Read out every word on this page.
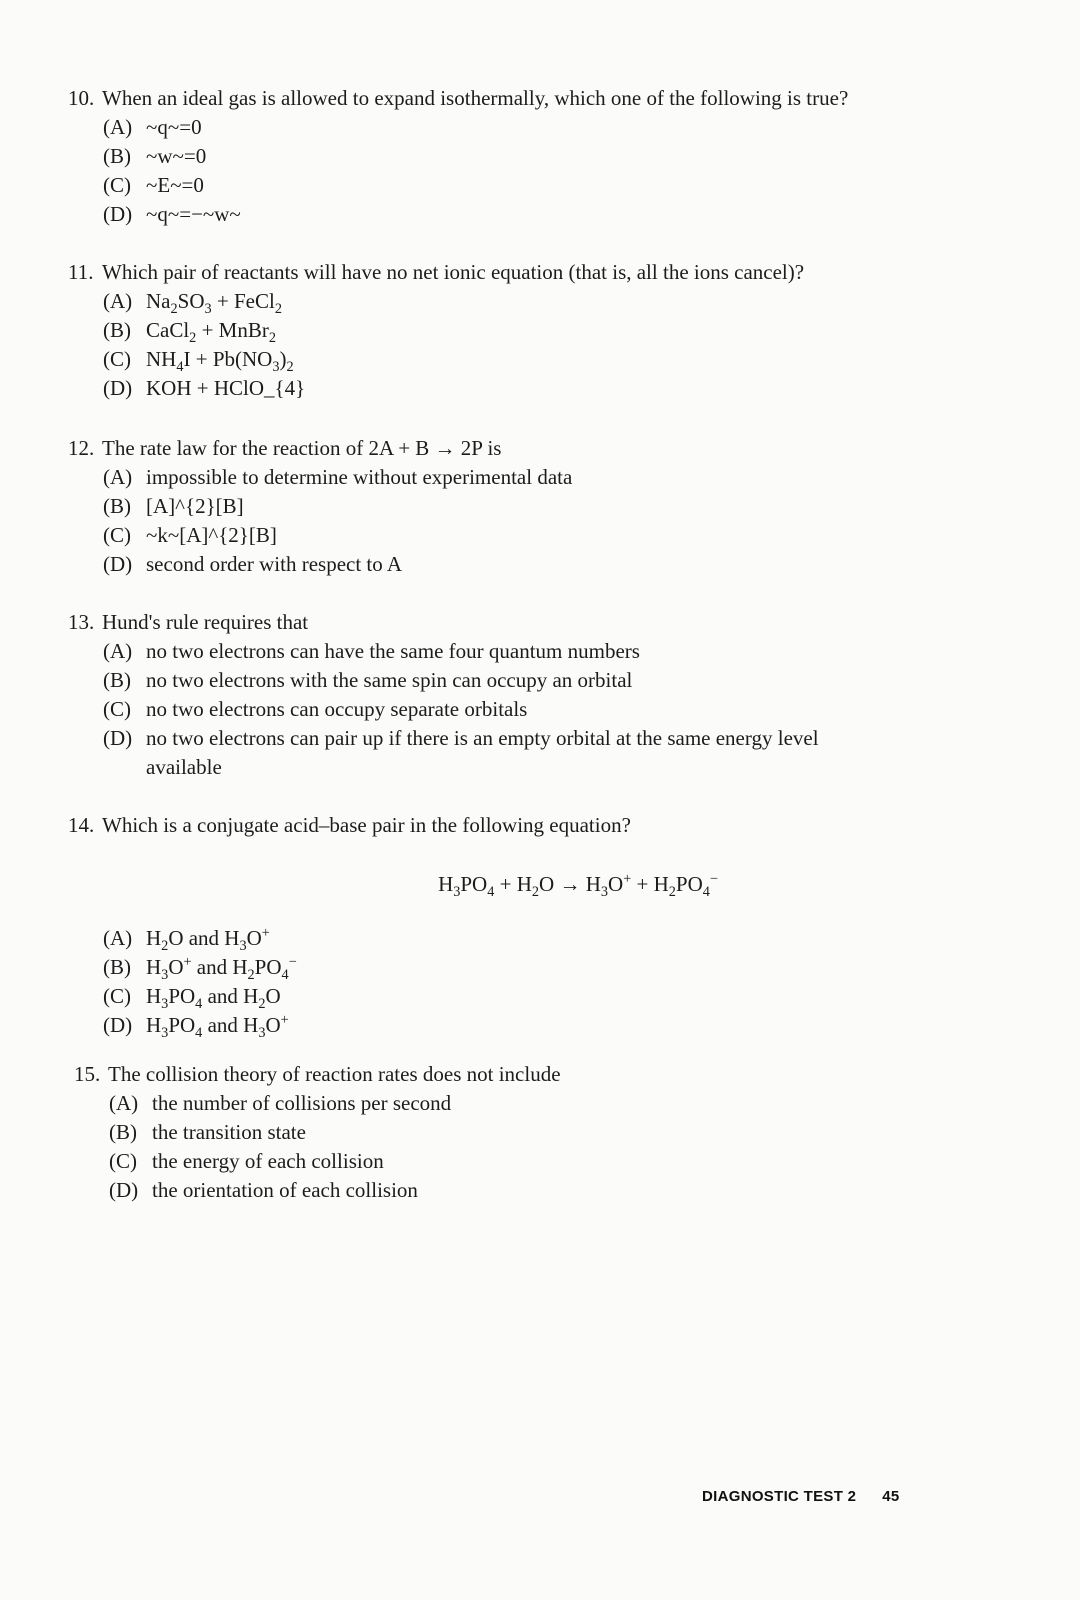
10. When an ideal gas is allowed to expand isothermally, which one of the following is true?
(A) ~q~=0
(B) ~w~=0
(C) ~E~=0
(D) ~q~=−~w~
11. Which pair of reactants will have no net ionic equation (that is, all the ions cancel)?
(A) $Na_2SO_3$ + FeCl$_2$
(B) CaCl$_2$ + MnBr$_2$
(C) $NH_4I + Pb(NO_3)_2$
(D) KOH + HClO_{4}
12. The rate law for the reaction of 2A + B → 2P is
(A) impossible to determine without experimental data
(B) [A]^{2}[B]
(C) ~k~[A]^{2}[B]
(D) second order with respect to A
13. Hund's rule requires that
(A) no two electrons can have the same four quantum numbers
(B) no two electrons with the same spin can occupy an orbital
(C) no two electrons can occupy separate orbitals
(D) no two electrons can pair up if there is an empty orbital at the same energy level available
14. Which is a conjugate acid–base pair in the following equation?
$H_3PO_4 + H_2O \to H_3O^+ + H_2PO_4^-$
(A) $H_2O$ and $H_3O^+$
(B) $H_3O^+$ and $H_2PO_4^-$
(C) $H_3PO_4$ and $H_2O$
(D) $H_3PO_4$ and $H_3O^+$
15. The collision theory of reaction rates does not include
(A) the number of collisions per second
(B) the transition state
(C) the energy of each collision
(D) the orientation of each collision
DIAGNOSTIC TEST 2 45
